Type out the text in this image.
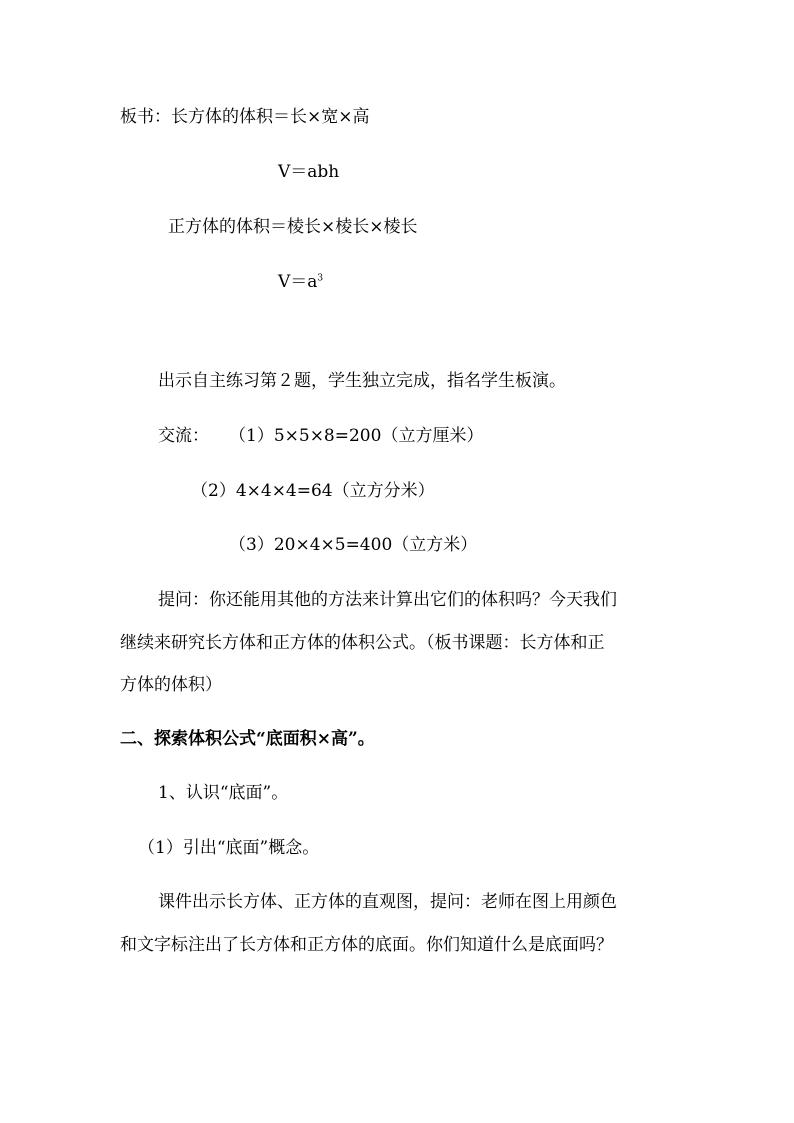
板书：长方体的体积＝长×宽×高
V＝abh
正方体的体积＝棱长×棱长×棱长
$V=a^3$
出示自主练习第２题，学生独立完成，指名学生板演。
交流： （1）5×5×8=200（立方厘米）
（2）4×4×4=64（立方分米）
（3）20×4×5=400（立方米）
提问：你还能用其他的方法来计算出它们的体积吗？今天我们
继续来研究长方体和正方体的体积公式。（板书课题：长方体和正
方体的体积）
二、探索体积公式“底面积×高”。
1、认识“底面”。
（1）引出“底面”概念。
课件出示长方体、正方体的直观图，提问：老师在图上用颜色
和文字标注出了长方体和正方体的底面。你们知道什么是底面吗？
